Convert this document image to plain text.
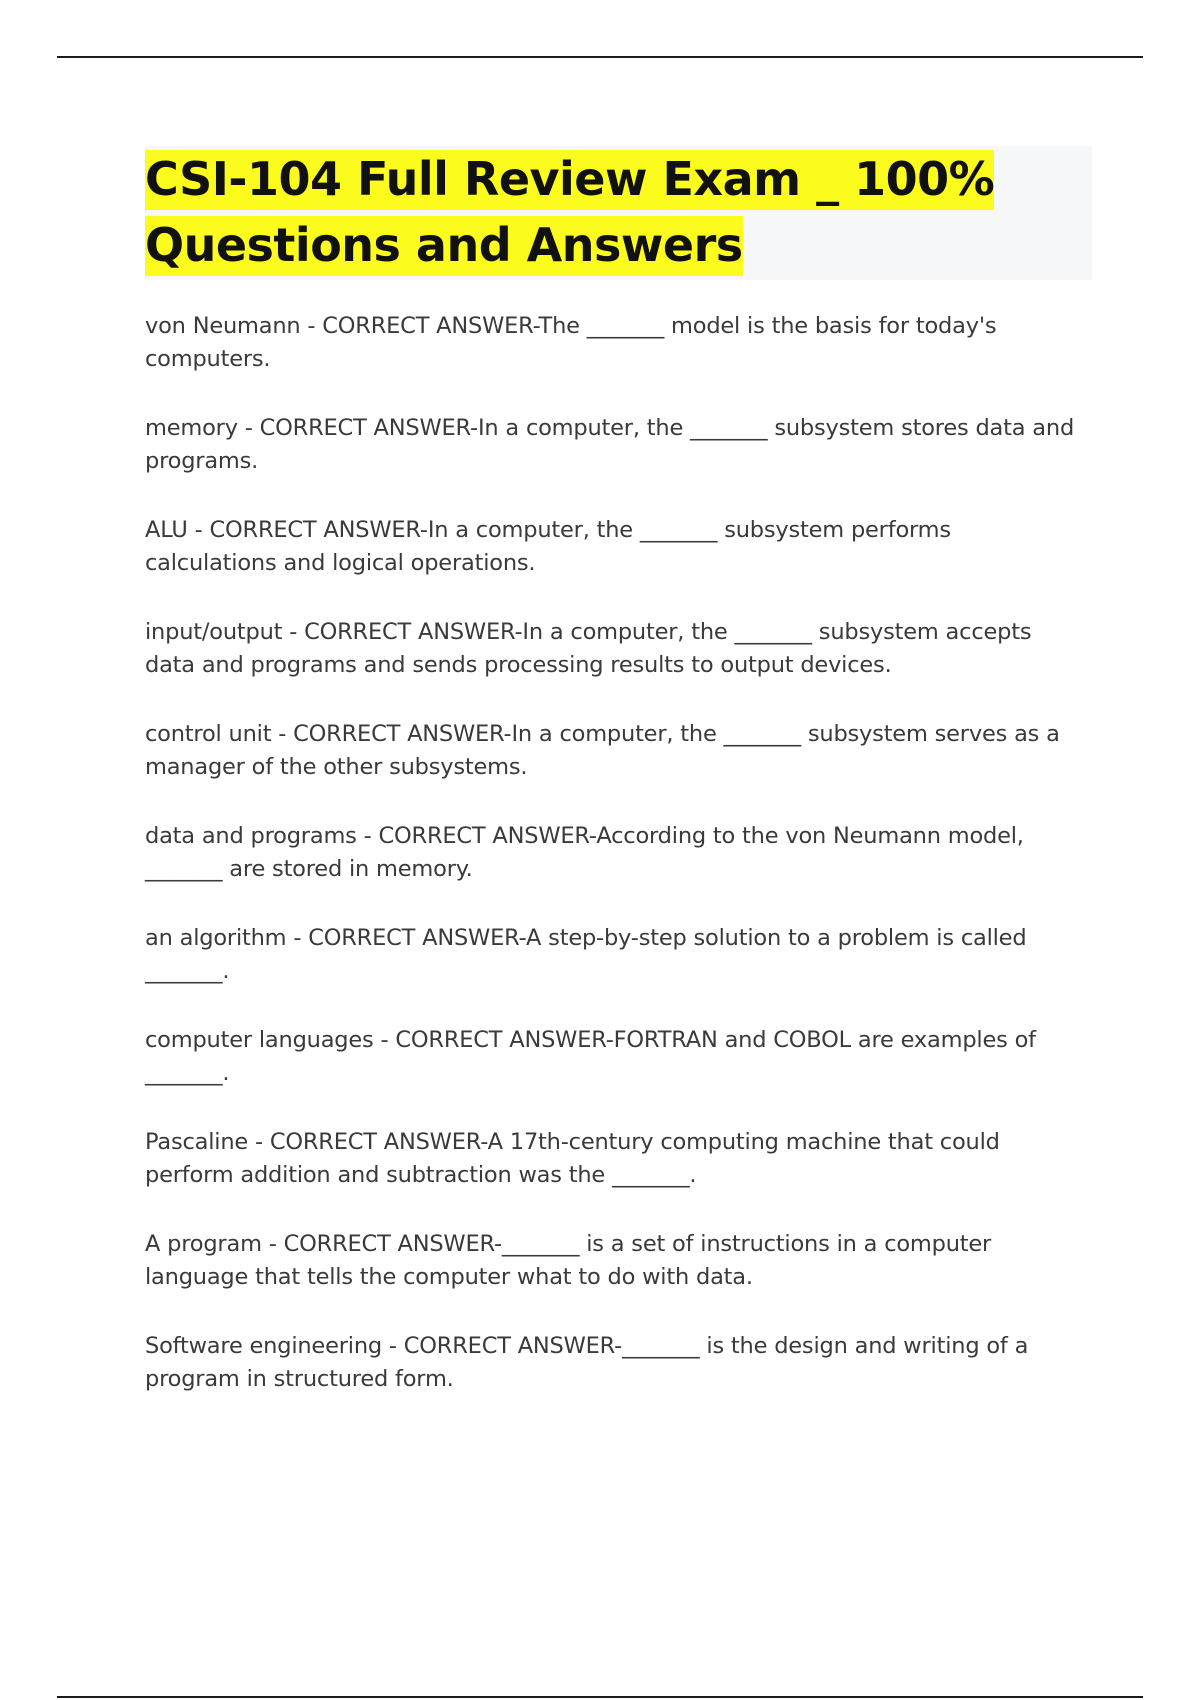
CSI-104 Full Review Exam _ 100% Questions and Answers

von Neumann - CORRECT ANSWER-The _______ model is the basis for today's computers.

memory - CORRECT ANSWER-In a computer, the _______ subsystem stores data and programs.

ALU - CORRECT ANSWER-In a computer, the _______ subsystem performs calculations and logical operations.

input/output - CORRECT ANSWER-In a computer, the _______ subsystem accepts data and programs and sends processing results to output devices.

control unit - CORRECT ANSWER-In a computer, the _______ subsystem serves as a manager of the other subsystems.

data and programs - CORRECT ANSWER-According to the von Neumann model, _______ are stored in memory.

an algorithm - CORRECT ANSWER-A step-by-step solution to a problem is called _______.

computer languages - CORRECT ANSWER-FORTRAN and COBOL are examples of _______.

Pascaline - CORRECT ANSWER-A 17th-century computing machine that could perform addition and subtraction was the _______.

A program - CORRECT ANSWER-_______ is a set of instructions in a computer language that tells the computer what to do with data.

Software engineering - CORRECT ANSWER-_______ is the design and writing of a program in structured form.
